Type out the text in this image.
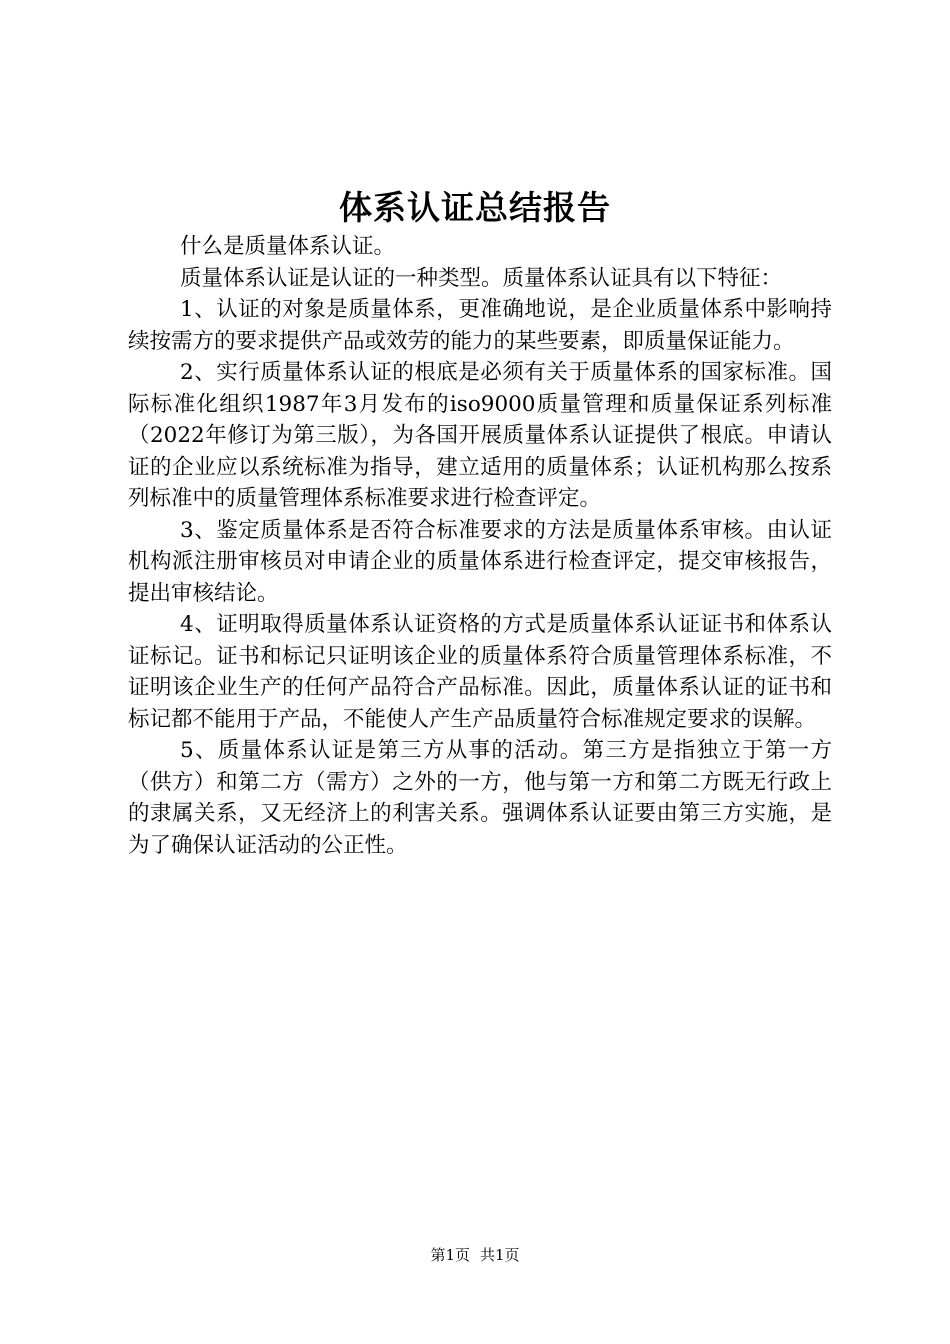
体系认证总结报告

什么是质量体系认证。

质量体系认证是认证的一种类型。质量体系认证具有以下特征：

1、认证的对象是质量体系，更准确地说，是企业质量体系中影响持续按需方的要求提供产品或效劳的能力的某些要素，即质量保证能力。

2、实行质量体系认证的根底是必须有关于质量体系的国家标准。国际标准化组织1987年3月发布的iso9000质量管理和质量保证系列标准（2022年修订为第三版），为各国开展质量体系认证提供了根底。申请认证的企业应以系统标准为指导，建立适用的质量体系；认证机构那么按系列标准中的质量管理体系标准要求进行检查评定。

3、鉴定质量体系是否符合标准要求的方法是质量体系审核。由认证机构派注册审核员对申请企业的质量体系进行检查评定，提交审核报告，提出审核结论。

4、证明取得质量体系认证资格的方式是质量体系认证证书和体系认证标记。证书和标记只证明该企业的质量体系符合质量管理体系标准，不证明该企业生产的任何产品符合产品标准。因此，质量体系认证的证书和标记都不能用于产品，不能使人产生产品质量符合标准规定要求的误解。

5、质量体系认证是第三方从事的活动。第三方是指独立于第一方（供方）和第二方（需方）之外的一方，他与第一方和第二方既无行政上的隶属关系，又无经济上的利害关系。强调体系认证要由第三方实施，是为了确保认证活动的公正性。

第1页 共1页
